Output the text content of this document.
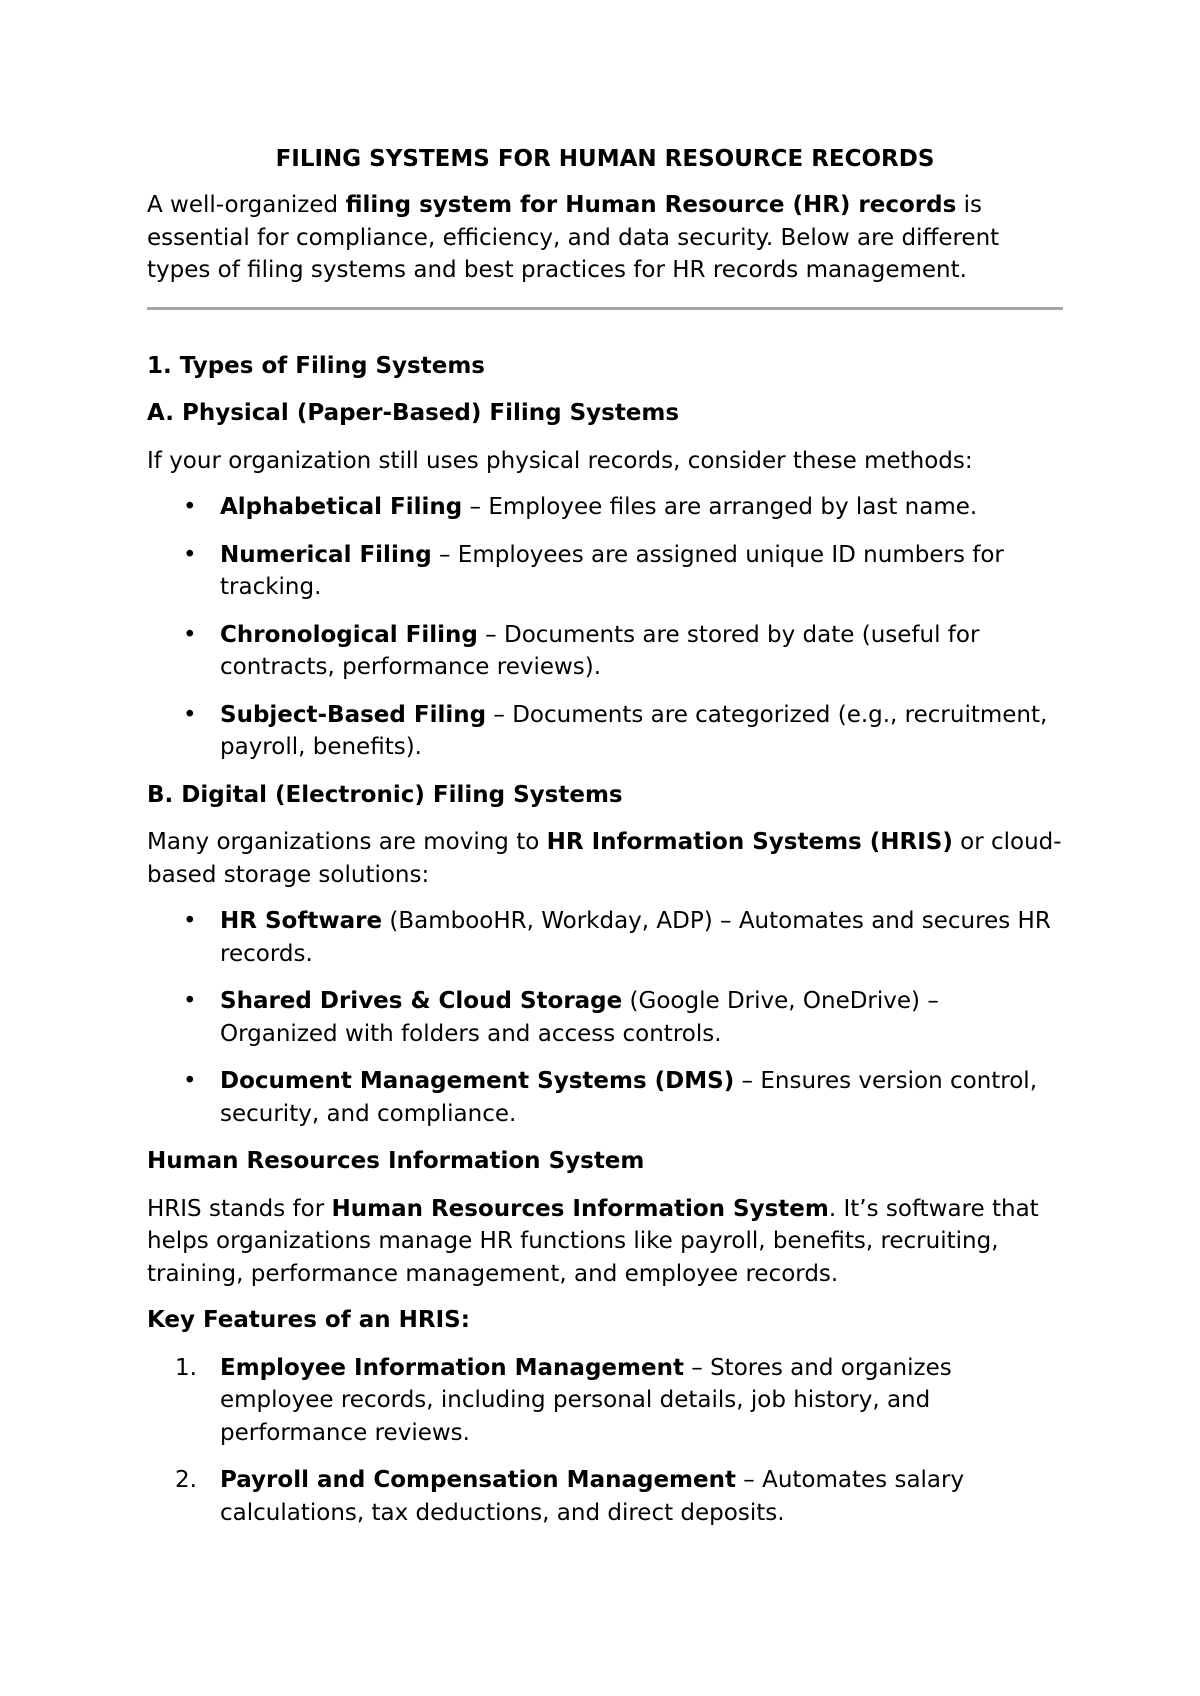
FILING SYSTEMS FOR HUMAN RESOURCE RECORDS

A well-organized filing system for Human Resource (HR) records is essential for compliance, efficiency, and data security. Below are different types of filing systems and best practices for HR records management.

1. Types of Filing Systems

A. Physical (Paper-Based) Filing Systems

If your organization still uses physical records, consider these methods:

• Alphabetical Filing – Employee files are arranged by last name.
• Numerical Filing – Employees are assigned unique ID numbers for tracking.
• Chronological Filing – Documents are stored by date (useful for contracts, performance reviews).
• Subject-Based Filing – Documents are categorized (e.g., recruitment, payroll, benefits).

B. Digital (Electronic) Filing Systems

Many organizations are moving to HR Information Systems (HRIS) or cloud-based storage solutions:

• HR Software (BambooHR, Workday, ADP) – Automates and secures HR records.
• Shared Drives & Cloud Storage (Google Drive, OneDrive) – Organized with folders and access controls.
• Document Management Systems (DMS) – Ensures version control, security, and compliance.

Human Resources Information System

HRIS stands for Human Resources Information System. It’s software that helps organizations manage HR functions like payroll, benefits, recruiting, training, performance management, and employee records.

Key Features of an HRIS:

1. Employee Information Management – Stores and organizes employee records, including personal details, job history, and performance reviews.
2. Payroll and Compensation Management – Automates salary calculations, tax deductions, and direct deposits.
